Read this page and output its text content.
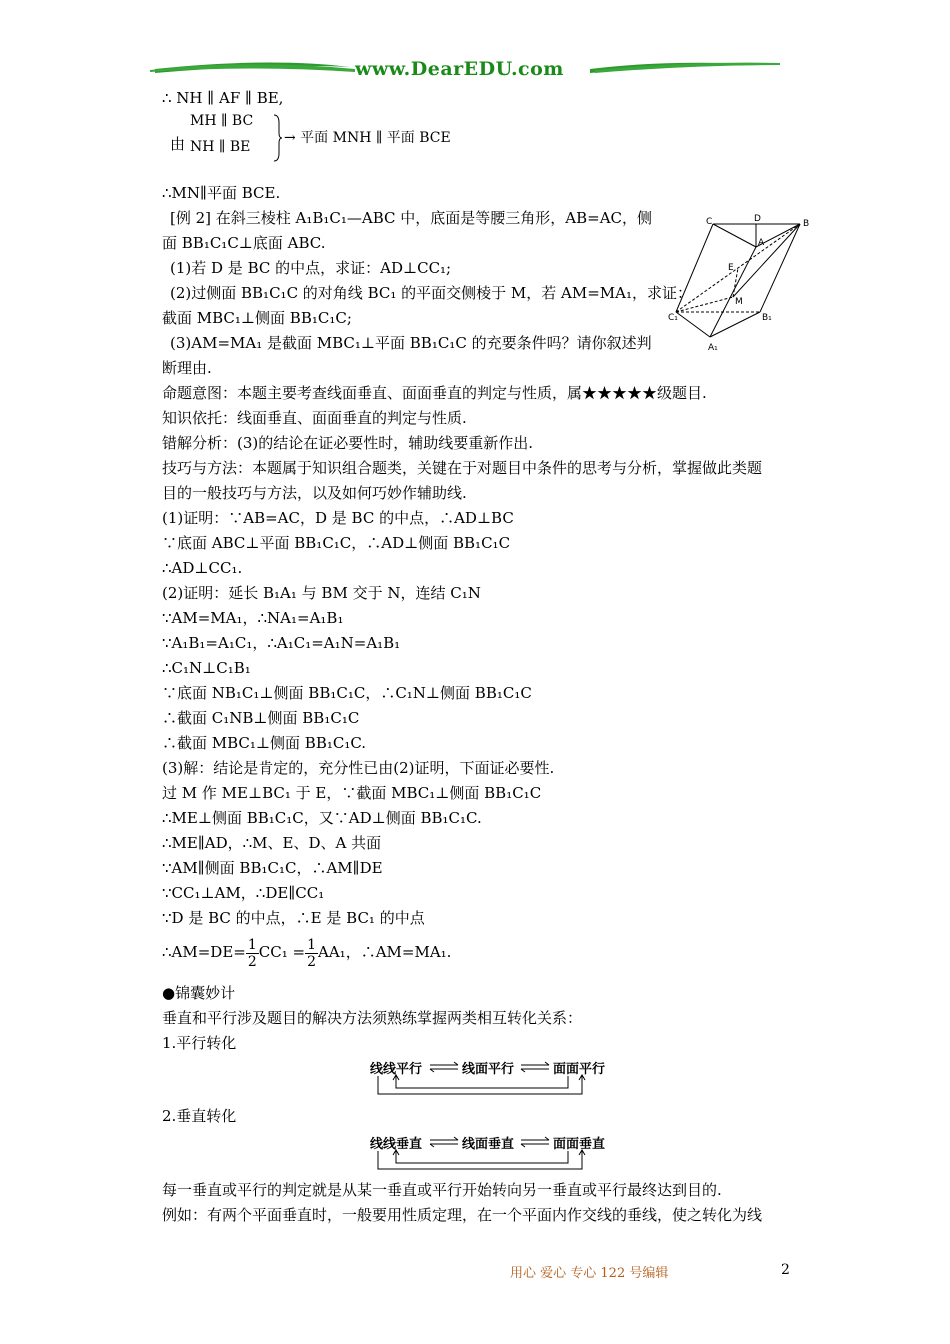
www.DearEDU.com
∴ NH ∥ AF ∥ BE,
由
MH ∥ BC
NH ∥ BE
→ 平面 MNH ∥ 平面 BCE
∴MN∥平面 BCE.
[例 2] 在斜三棱柱 A₁B₁C₁—ABC 中，底面是等腰三角形，AB=AC，侧
面 BB₁C₁C⊥底面 ABC.
(1)若 D 是 BC 的中点，求证：AD⊥CC₁;
(2)过侧面 BB₁C₁C 的对角线 BC₁ 的平面交侧棱于 M，若 AM=MA₁，求证：
截面 MBC₁⊥侧面 BB₁C₁C;
(3)AM=MA₁ 是截面 MBC₁⊥平面 BB₁C₁C 的充要条件吗？请你叙述判
断理由.
C	D	B
A
E
M
C₁	B₁
A₁
命题意图：本题主要考查线面垂直、面面垂直的判定与性质，属★★★★★级题目.
知识依托：线面垂直、面面垂直的判定与性质.
错解分析：(3)的结论在证必要性时，辅助线要重新作出.
技巧与方法：本题属于知识组合题类，关键在于对题目中条件的思考与分析，掌握做此类题
目的一般技巧与方法，以及如何巧妙作辅助线.
(1)证明：∵AB=AC，D 是 BC 的中点，∴AD⊥BC
∵底面 ABC⊥平面 BB₁C₁C，∴AD⊥侧面 BB₁C₁C
∴AD⊥CC₁.
(2)证明：延长 B₁A₁ 与 BM 交于 N，连结 C₁N
∵AM=MA₁，∴NA₁=A₁B₁
∵A₁B₁=A₁C₁，∴A₁C₁=A₁N=A₁B₁
∴C₁N⊥C₁B₁
∵底面 NB₁C₁⊥侧面 BB₁C₁C，∴C₁N⊥侧面 BB₁C₁C
∴截面 C₁NB⊥侧面 BB₁C₁C
∴截面 MBC₁⊥侧面 BB₁C₁C.
(3)解：结论是肯定的，充分性已由(2)证明，下面证必要性.
过 M 作 ME⊥BC₁ 于 E，∵截面 MBC₁⊥侧面 BB₁C₁C
∴ME⊥侧面 BB₁C₁C，又∵AD⊥侧面 BB₁C₁C.
∴ME∥AD，∴M、E、D、A 共面
∵AM∥侧面 BB₁C₁C，∴AM∥DE
∵CC₁⊥AM，∴DE∥CC₁
∵D 是 BC 的中点，∴E 是 BC₁ 的中点
∴AM=DE= $\frac{1}{2} CC_1 = \frac{1}{2} AA_1$，∴AM=MA₁.
●锦囊妙计
垂直和平行涉及题目的解决方法须熟练掌握两类相互转化关系：
1.平行转化
线线平行	线面平行	面面平行
2.垂直转化
线线垂直	线面垂直	面面垂直
每一垂直或平行的判定就是从某一垂直或平行开始转向另一垂直或平行最终达到目的.
例如：有两个平面垂直时，一般要用性质定理，在一个平面内作交线的垂线，使之转化为线
用心 爱心 专心 122 号编辑	2
